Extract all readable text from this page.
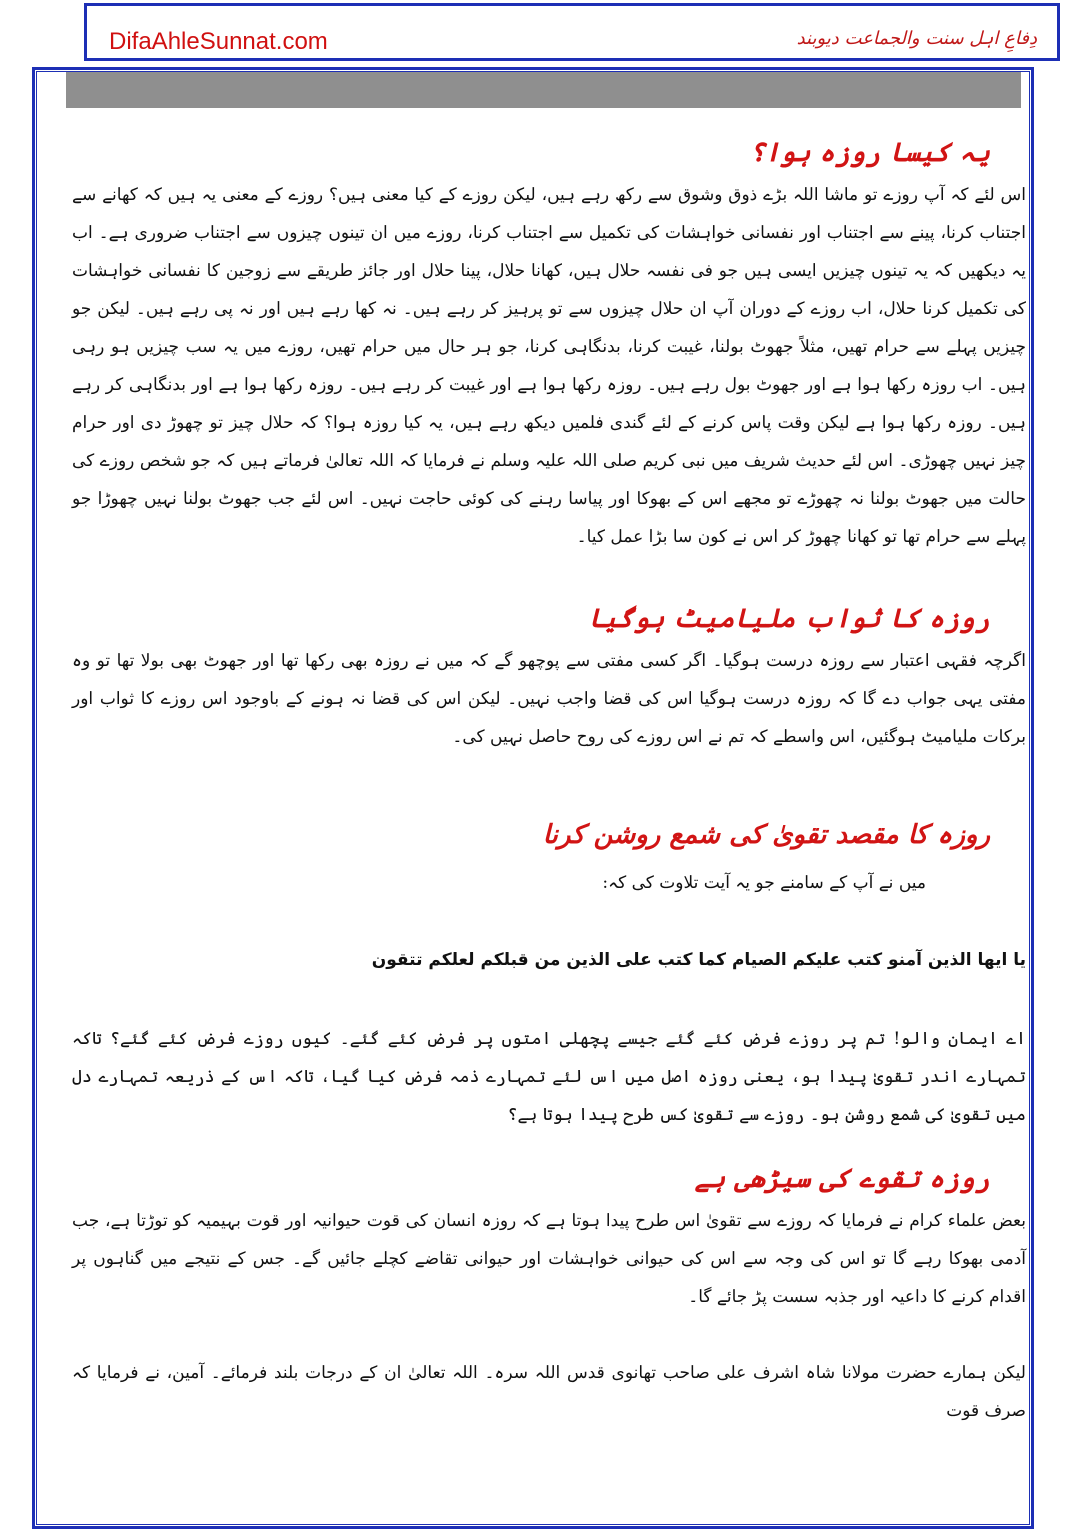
DifaAhleSunnat.com	دِفاعِ اہل سنت والجماعت دیوبند
یہ کیسا روزہ ہوا؟

اس لئے کہ آپ روزے تو ماشا اللہ بڑے ذوق وشوق سے رکھ رہے ہیں، لیکن روزے کے کیا معنی ہیں؟ روزے کے معنی یہ ہیں کہ کھانے سے اجتناب کرنا، پینے سے اجتناب اور نفسانی خواہشات کی تکمیل سے اجتناب کرنا، روزے میں ان تینوں چیزوں سے اجتناب ضروری ہے۔ اب یہ دیکھیں کہ یہ تینوں چیزیں ایسی ہیں جو فی نفسہ حلال ہیں، کھانا حلال، پینا حلال اور جائز طریقے سے زوجین کا نفسانی خواہشات کی تکمیل کرنا حلال، اب روزے کے دوران آپ ان حلال چیزوں سے تو پرہیز کر رہے ہیں۔ نہ کھا رہے ہیں اور نہ پی رہے ہیں۔ لیکن جو چیزیں پہلے سے حرام تھیں، مثلاً جھوٹ بولنا، غیبت کرنا، بدنگاہی کرنا، جو ہر حال میں حرام تھیں، روزے میں یہ سب چیزیں ہو رہی ہیں۔ اب روزہ رکھا ہوا ہے اور جھوٹ بول رہے ہیں۔ روزہ رکھا ہوا ہے اور غیبت کر رہے ہیں۔ روزہ رکھا ہوا ہے اور بدنگاہی کر رہے ہیں۔ روزہ رکھا ہوا ہے لیکن وقت پاس کرنے کے لئے گندی فلمیں دیکھ رہے ہیں، یہ کیا روزہ ہوا؟ کہ حلال چیز تو چھوڑ دی اور حرام چیز نہیں چھوڑی۔ اس لئے حدیث شریف میں نبی کریم صلی اللہ علیہ وسلم نے فرمایا کہ اللہ تعالیٰ فرماتے ہیں کہ جو شخص روزے کی حالت میں جھوٹ بولنا نہ چھوڑے تو مجھے اس کے بھوکا اور پیاسا رہنے کی کوئی حاجت نہیں۔ اس لئے جب جھوٹ بولنا نہیں چھوڑا جو پہلے سے حرام تھا تو کھانا چھوڑ کر اس نے کون سا بڑا عمل کیا۔

روزہ کا ثواب ملیامیٹ ہوگیا

اگرچہ فقہی اعتبار سے روزہ درست ہوگیا۔ اگر کسی مفتی سے پوچھو گے کہ میں نے روزہ بھی رکھا تھا اور جھوٹ بھی بولا تھا تو وہ مفتی یہی جواب دے گا کہ روزہ درست ہوگیا اس کی قضا واجب نہیں۔ لیکن اس کی قضا نہ ہونے کے باوجود اس روزے کا ثواب اور برکات ملیامیٹ ہوگئیں، اس واسطے کہ تم نے اس روزے کی روح حاصل نہیں کی۔

روزہ کا مقصد تقویٰ کی شمع روشن کرنا

میں نے آپ کے سامنے جو یہ آیت تلاوت کی کہ:

یا ایھا الذین آمنو کتب علیکم الصیام کما کتب علی الذین من قبلکم لعلکم تتقون

اے ایمان والو! تم پر روزے فرض کئے گئے جیسے پچھلی امتوں پر فرض کئے گئے۔ کیوں روزے فرض کئے گئے؟ تاکہ تمہارے اندر تقویٰ پیدا ہو، یعنی روزہ اصل میں اس لئے تمہارے ذمہ فرض کیا گیا، تاکہ اس کے ذریعہ تمہارے دل میں تقویٰ کی شمع روشن ہو۔ روزے سے تقویٰ کس طرح پیدا ہوتا ہے؟

روزہ تقوے کی سیڑھی ہے

بعض علماء کرام نے فرمایا کہ روزے سے تقویٰ اس طرح پیدا ہوتا ہے کہ روزہ انسان کی قوت حیوانیہ اور قوت بہیمیہ کو توڑتا ہے، جب آدمی بھوکا رہے گا تو اس کی وجہ سے اس کی حیوانی خواہشات اور حیوانی تقاضے کچلے جائیں گے۔ جس کے نتیجے میں گناہوں پر اقدام کرنے کا داعیہ اور جذبہ سست پڑ جائے گا۔

لیکن ہمارے حضرت مولانا شاہ اشرف علی صاحب تھانوی قدس اللہ سرہ۔ اللہ تعالیٰ ان کے درجات بلند فرمائے۔ آمین، نے فرمایا کہ صرف قوت
